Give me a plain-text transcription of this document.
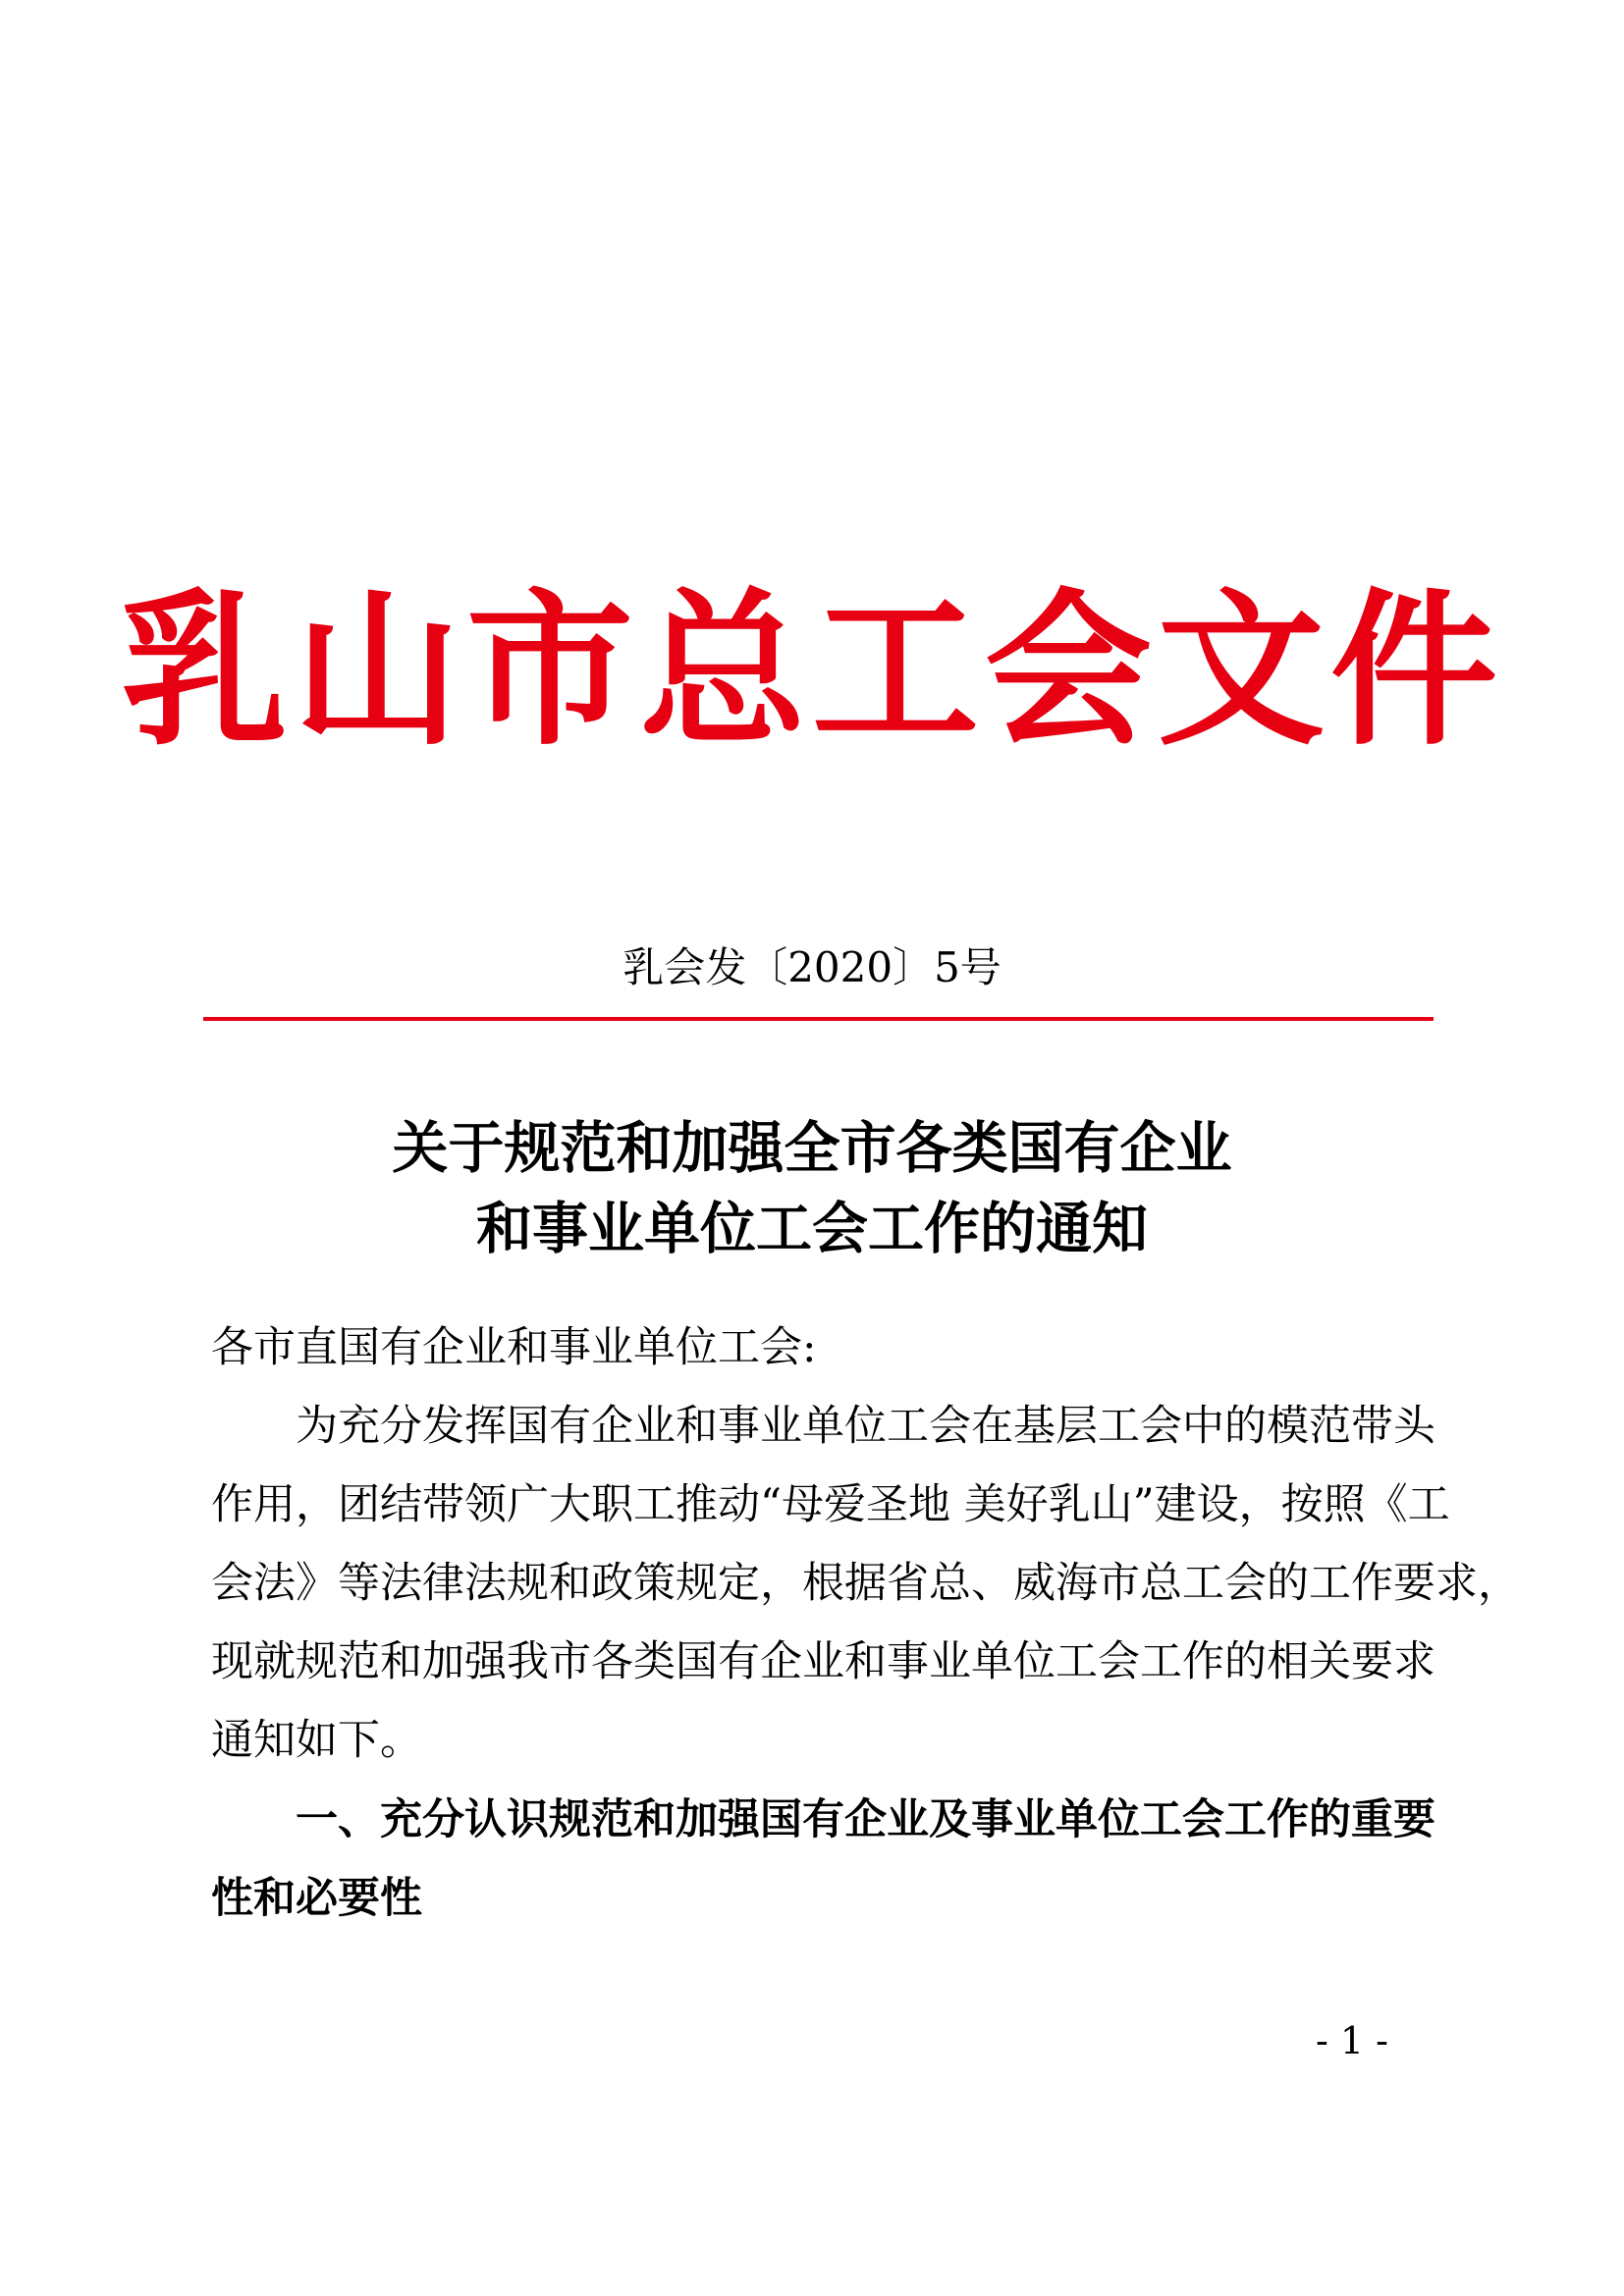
乳山市总工会文件
乳会发〔2020〕5号
关于规范和加强全市各类国有企业
和事业单位工会工作的通知
各市直国有企业和事业单位工会:
　　为充分发挥国有企业和事业单位工会在基层工会中的模范带头
作用，团结带领广大职工推动“母爱圣地 美好乳山”建设，按照《工
会法》等法律法规和政策规定，根据省总、威海市总工会的工作要求，
现就规范和加强我市各类国有企业和事业单位工会工作的相关要求
通知如下。
　　一、充分认识规范和加强国有企业及事业单位工会工作的重要
性和必要性
- 1 -
